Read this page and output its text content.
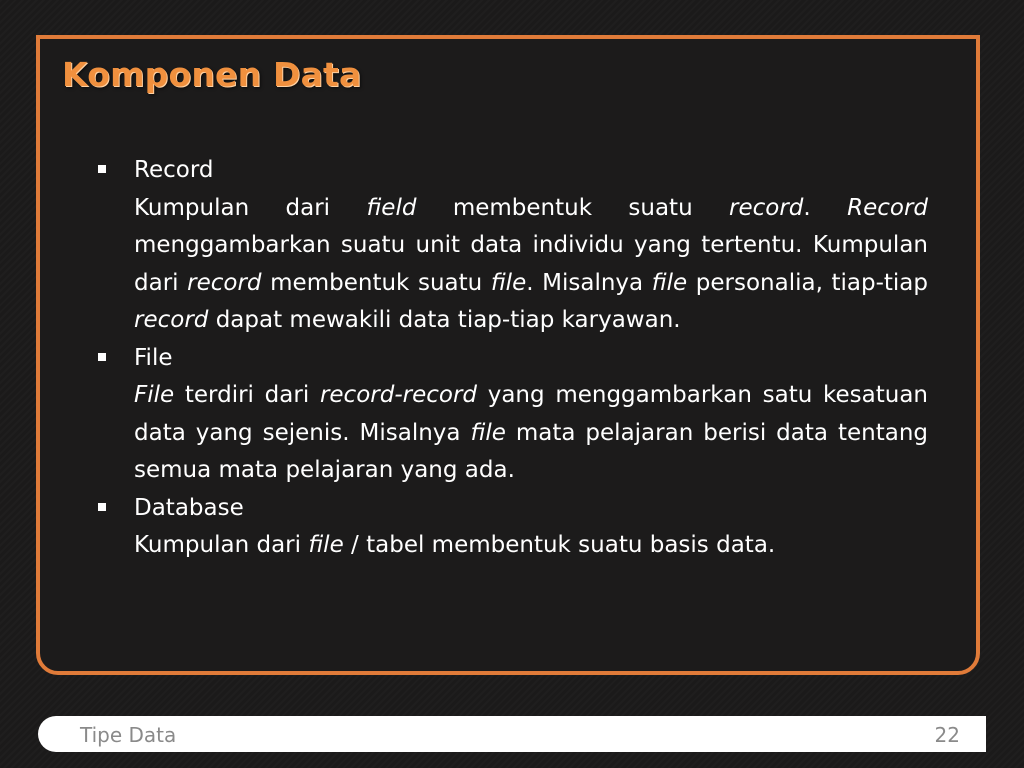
Komponen Data
Record
Kumpulan dari field membentuk suatu record. Record menggambarkan suatu unit data individu yang tertentu. Kumpulan dari record membentuk suatu file. Misalnya file personalia, tiap-tiap record dapat mewakili data tiap-tiap karyawan.
File
File terdiri dari record-record yang menggambarkan satu kesatuan data yang sejenis. Misalnya file mata pelajaran berisi data tentang semua mata pelajaran yang ada.
Database
Kumpulan dari file / tabel membentuk suatu basis data.
Tipe Data	22
